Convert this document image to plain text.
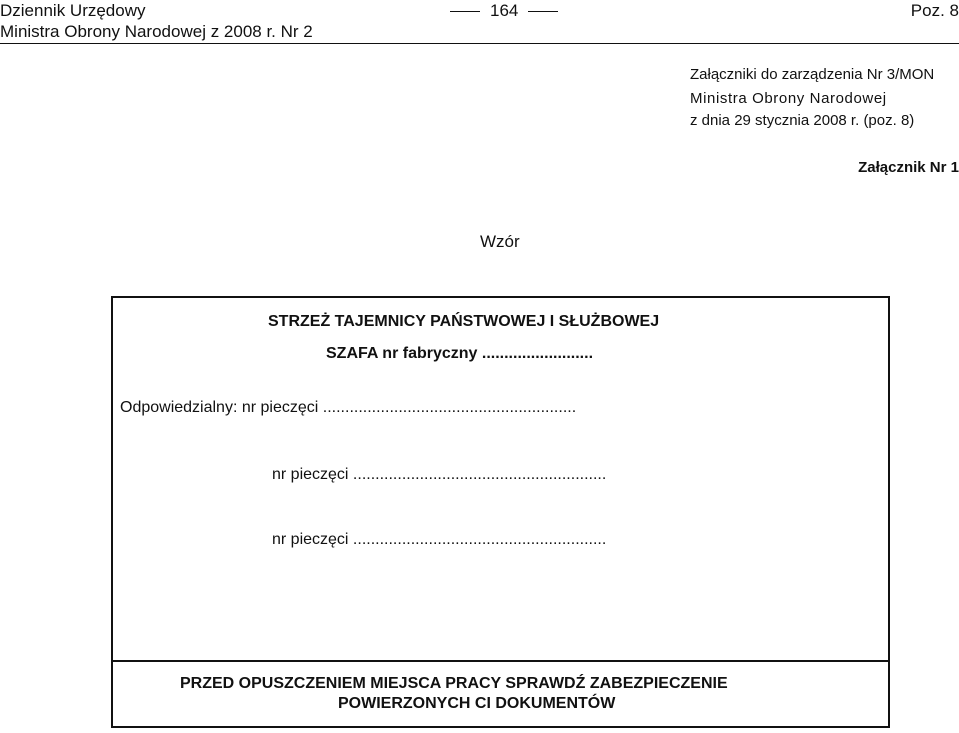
Dziennik Urzędowy
Ministra Obrony Narodowej z 2008 r. Nr 2
164	Poz. 8
Załączniki do zarządzenia Nr 3/MON
Ministra Obrony Narodowej
z dnia 29 stycznia 2008 r. (poz. 8)
Załącznik Nr 1
Wzór
STRZEŻ TAJEMNICY PAŃSTWOWEJ I SŁUŻBOWEJ
SZAFA nr fabryczny .........................
Odpowiedzialny: nr pieczęci .........................................................
nr pieczęci .........................................................
nr pieczęci .........................................................
PRZED OPUSZCZENIEM MIEJSCA PRACY SPRAWDŹ ZABEZPIECZENIE
POWIERZONYCH CI DOKUMENTÓW
